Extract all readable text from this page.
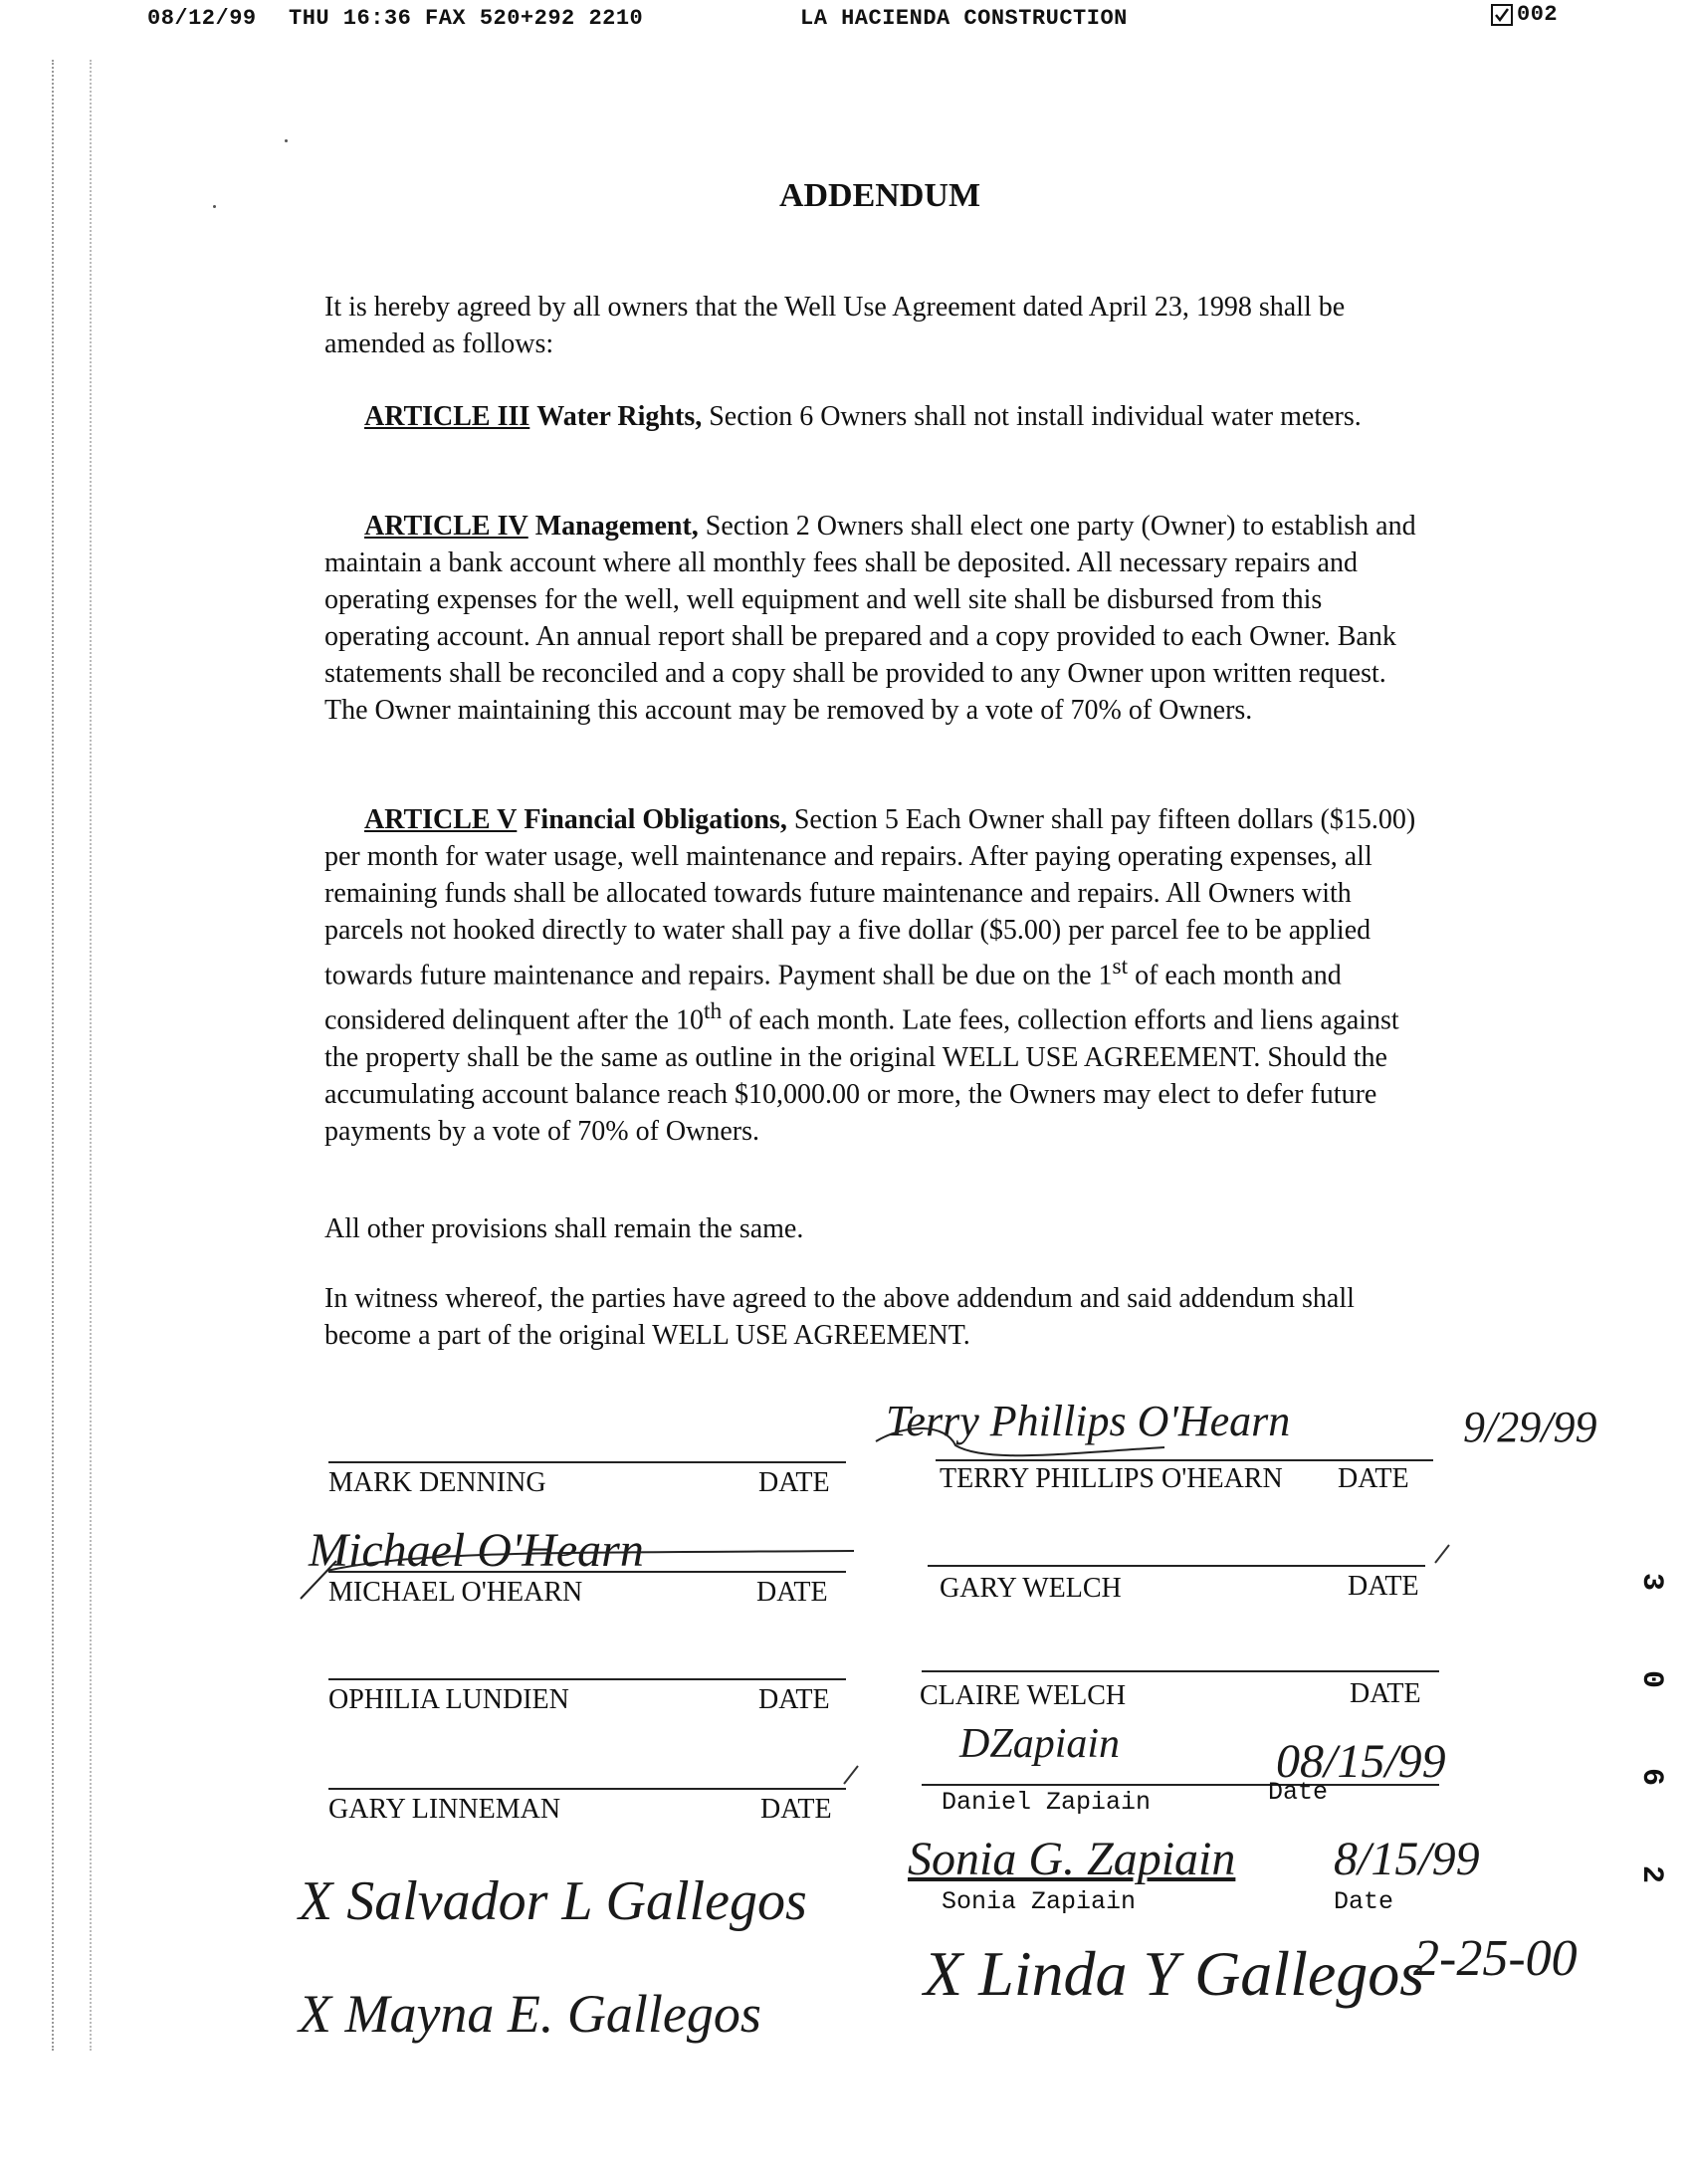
08/12/99 THU 16:36 FAX 520+292 2210	LA HACIENDA CONSTRUCTION	002
ADDENDUM

It is hereby agreed by all owners that the Well Use Agreement dated April 23, 1998 shall be amended as follows:

ARTICLE III Water Rights, Section 6 Owners shall not install individual water meters.

ARTICLE IV Management, Section 2 Owners shall elect one party (Owner) to establish and maintain a bank account where all monthly fees shall be deposited. All necessary repairs and operating expenses for the well, well equipment and well site shall be disbursed from this operating account. An annual report shall be prepared and a copy provided to each Owner. Bank statements shall be reconciled and a copy shall be provided to any Owner upon written request. The Owner maintaining this account may be removed by a vote of 70% of Owners.

ARTICLE V Financial Obligations, Section 5 Each Owner shall pay fifteen dollars ($15.00) per month for water usage, well maintenance and repairs. After paying operating expenses, all remaining funds shall be allocated towards future maintenance and repairs. All Owners with parcels not hooked directly to water shall pay a five dollar ($5.00) per parcel fee to be applied towards future maintenance and repairs. Payment shall be due on the 1st of each month and considered delinquent after the 10th of each month. Late fees, collection efforts and liens against the property shall be the same as outline in the original WELL USE AGREEMENT. Should the accumulating account balance reach $10,000.00 or more, the Owners may elect to defer future payments by a vote of 70% of Owners.

All other provisions shall remain the same.

In witness whereof, the parties have agreed to the above addendum and said addendum shall become a part of the original WELL USE AGREEMENT.

MARK DENNING	DATE
MICHAEL O'HEARN	DATE
OPHILIA LUNDIEN	DATE
GARY LINNEMAN	DATE
TERRY PHILLIPS O'HEARN DATE
GARY WELCH	DATE
CLAIRE WELCH	DATE
Daniel Zapiain	Date
Sonia Zapiain	Date
Terry Phillips O'Hearn	9/29/99
Michael O'Hearn
DZapiain	08/15/99
Sonia G. Zapiain 8/15/99
X Salvador L Gallegos
X Mayna E. Gallegos
X Linda Y Gallegos
2-25-00 3062
